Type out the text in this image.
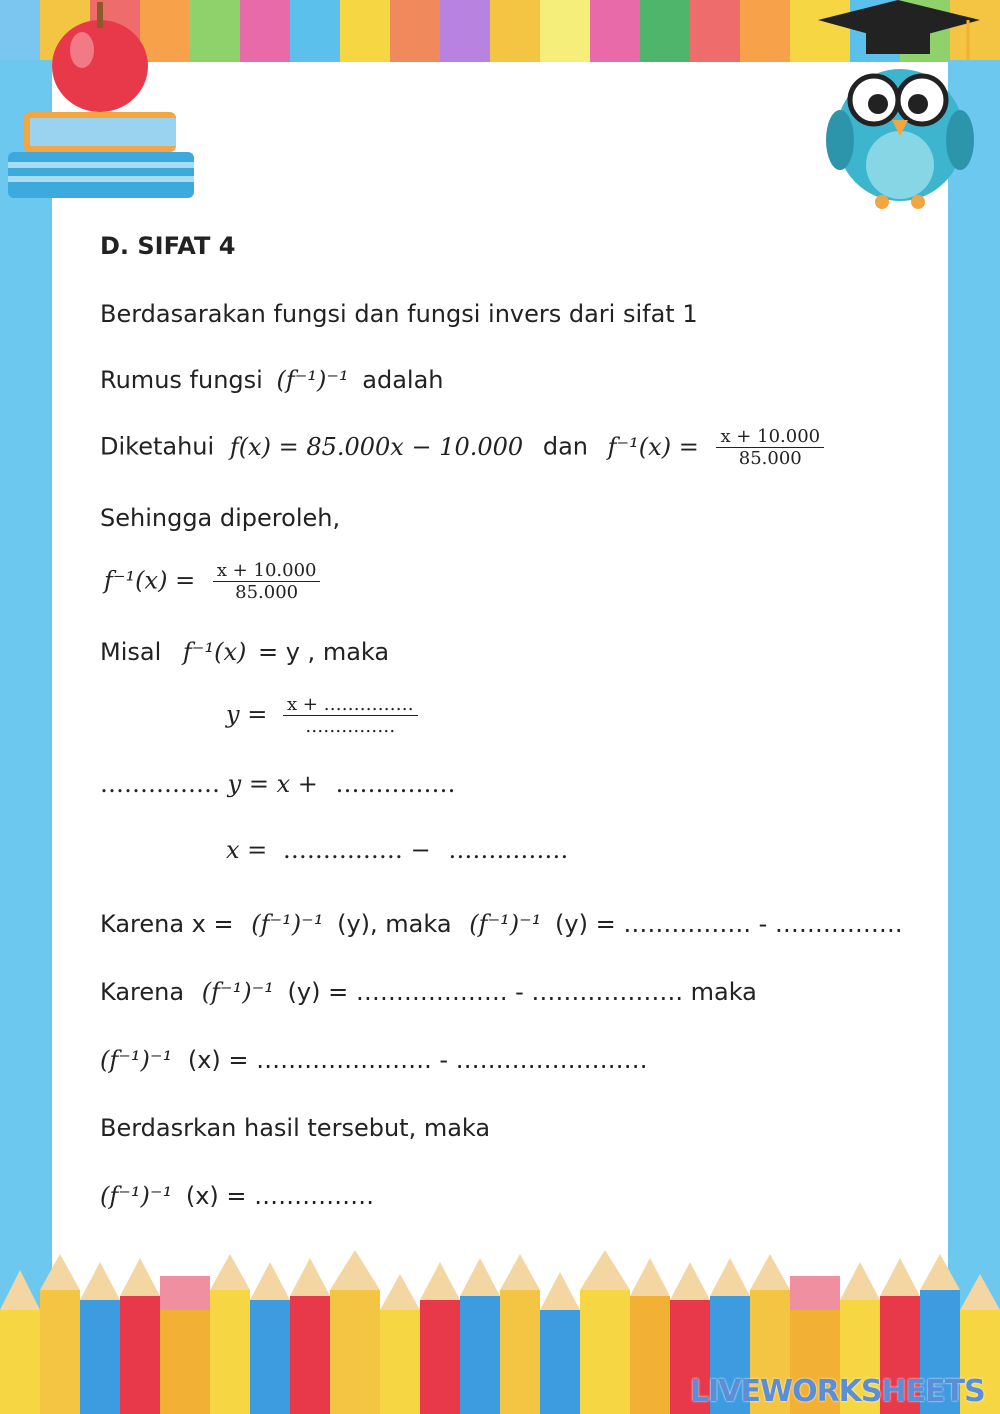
D. SIFAT 4
Berdasarakan fungsi dan fungsi invers dari sifat 1
Rumus fungsi (f⁻¹)⁻¹ adalah
Diketahui f(x) = 85.000x − 10.000 dan $f^{-1}(x) = \frac{x + 10.000}{85.000}$
Sehingga diperoleh,
$f^{-1}(x) = \frac{x + 10.000}{85.000}$
Misal f⁻¹(x) = y , maka
$y = \frac{x + \dots\dots\dots\dots\dots}{\dots\dots\dots\dots\dots}$
…………… y = x + ……………
x = …………… − ……………
Karena x = (f⁻¹)⁻¹ (y), maka (f⁻¹)⁻¹ (y) = ……………. - …………….
Karena (f⁻¹)⁻¹ (y) = ………………. - ………………. maka
(f⁻¹)⁻¹ (x) = …………………. - ……………………
Berdasrkan hasil tersebut, maka
(f⁻¹)⁻¹ (x) = ……………
LIVEWORKSHEETS
